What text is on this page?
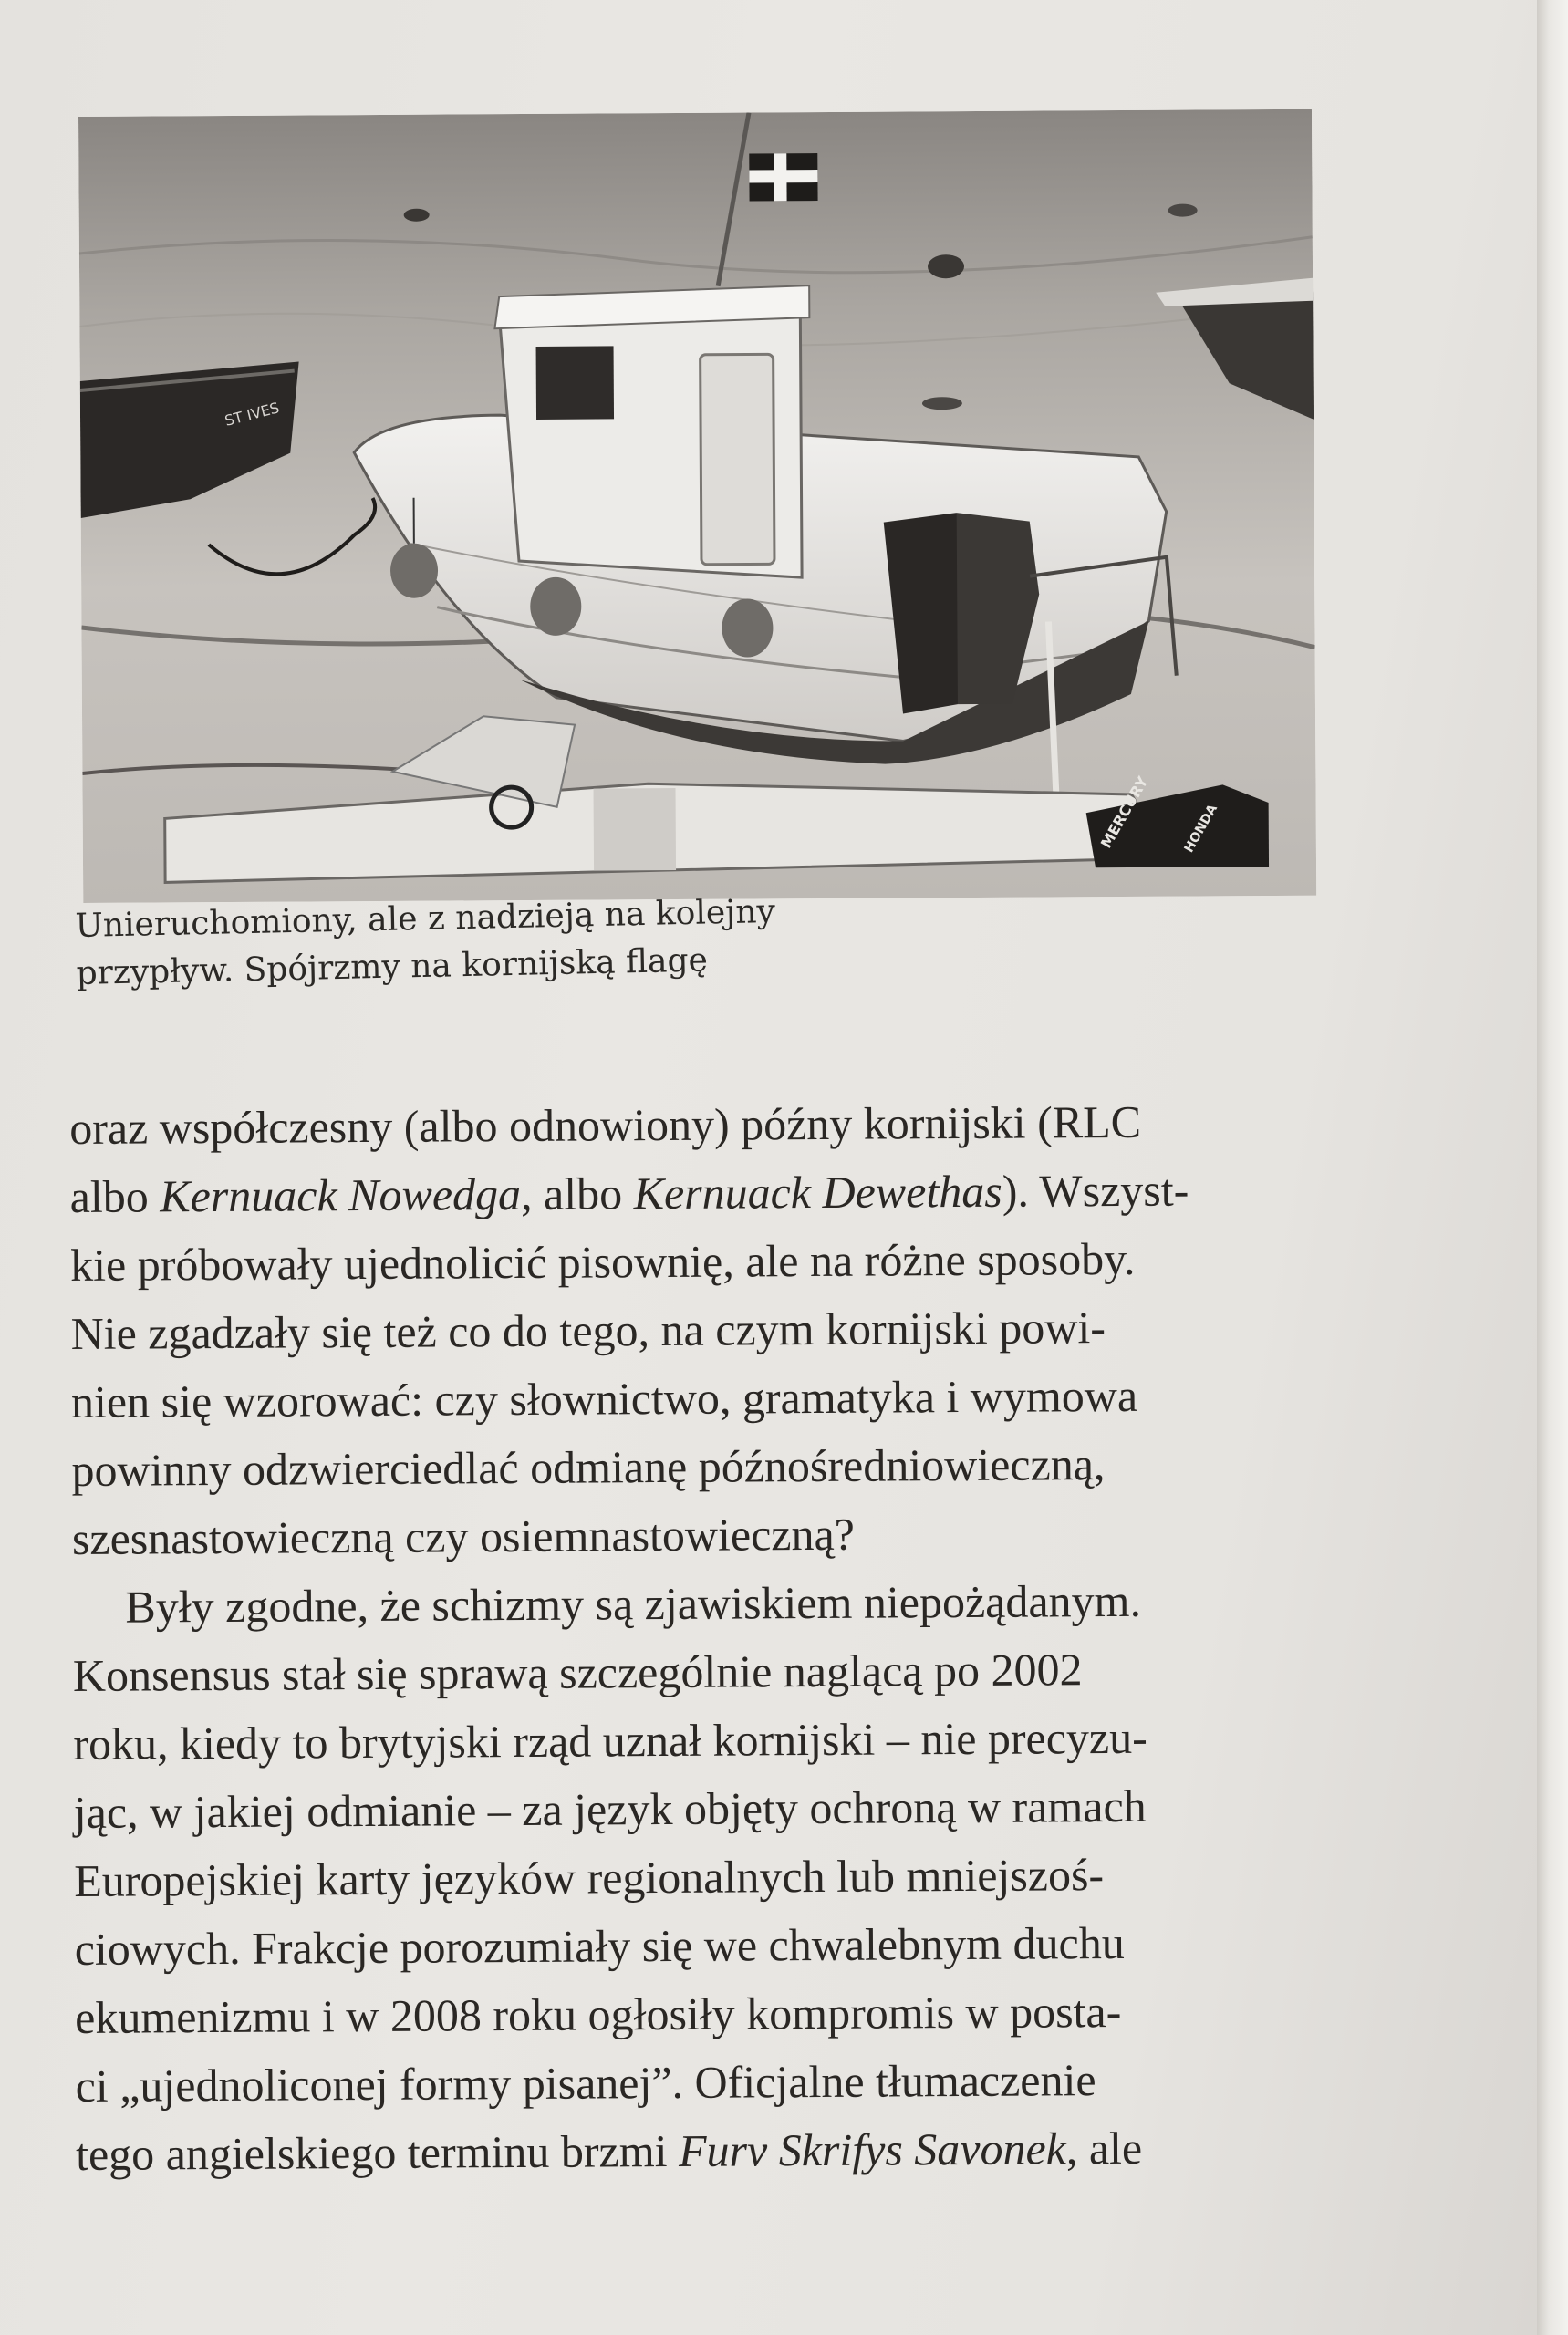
ST IVES
MERCURY HONDA
Unieruchomiony, ale z nadzieją na kolejny
przypływ. Spójrzmy na kornijską flagę
oraz współczesny (albo odnowiony) późny kornijski (RLC
albo Kernuack Nowedga, albo Kernuack Dewethas). Wszyst-
kie próbowały ujednolicić pisownię, ale na różne sposoby.
Nie zgadzały się też co do tego, na czym kornijski powi-
nien się wzorować: czy słownictwo, gramatyka i wymowa
powinny odzwierciedlać odmianę późnośredniowieczną,
szesnastowieczną czy osiemnastowieczną?
Były zgodne, że schizmy są zjawiskiem niepożądanym.
Konsensus stał się sprawą szczególnie naglącą po 2002
roku, kiedy to brytyjski rząd uznał kornijski – nie precyzu-
jąc, w jakiej odmianie – za język objęty ochroną w ramach
Europejskiej karty języków regionalnych lub mniejszoś-
ciowych. Frakcje porozumiały się we chwalebnym duchu
ekumenizmu i w 2008 roku ogłosiły kompromis w posta-
ci „ujednoliconej formy pisanej”. Oficjalne tłumaczenie
tego angielskiego terminu brzmi Furv Skrifys Savonek, ale
